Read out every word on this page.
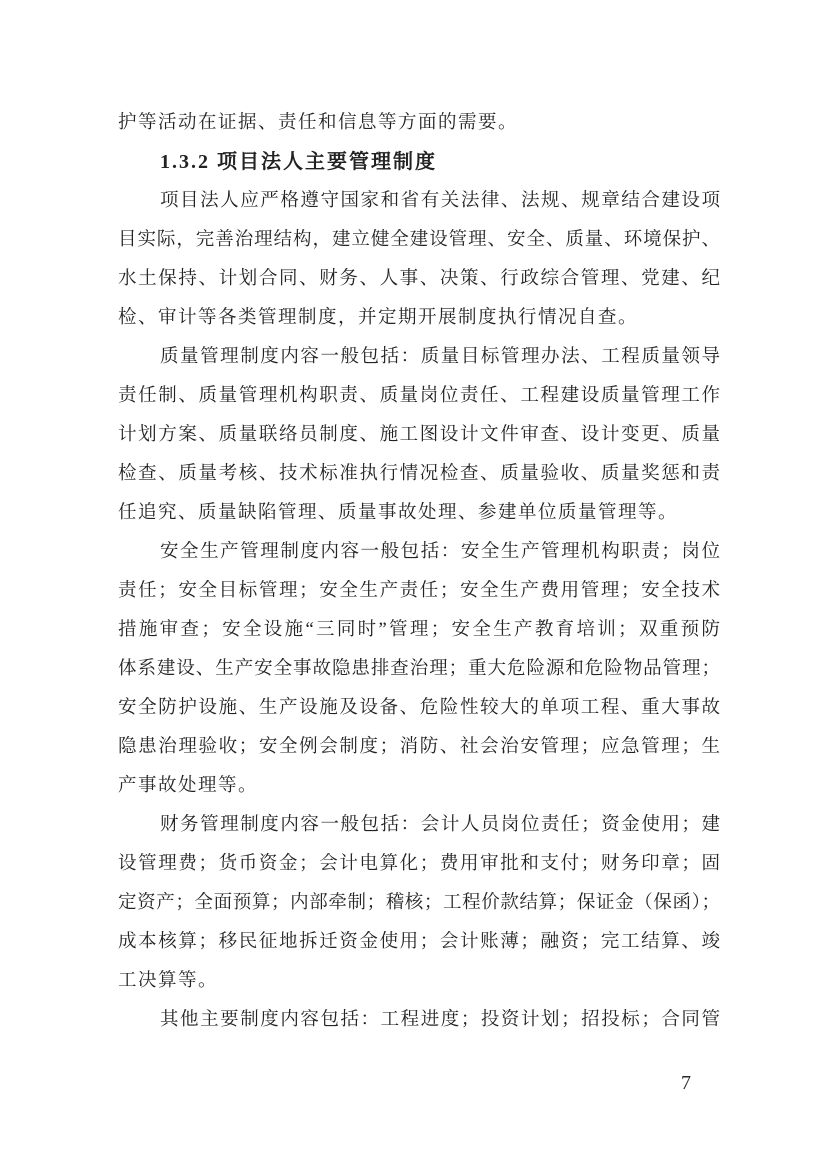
护等活动在证据、责任和信息等方面的需要。
1.3.2 项目法人主要管理制度
项目法人应严格遵守国家和省有关法律、法规、规章结合建设项
目实际，完善治理结构，建立健全建设管理、安全、质量、环境保护、
水土保持、计划合同、财务、人事、决策、行政综合管理、党建、纪
检、审计等各类管理制度，并定期开展制度执行情况自查。
质量管理制度内容一般包括：质量目标管理办法、工程质量领导
责任制、质量管理机构职责、质量岗位责任、工程建设质量管理工作
计划方案、质量联络员制度、施工图设计文件审查、设计变更、质量
检查、质量考核、技术标准执行情况检查、质量验收、质量奖惩和责
任追究、质量缺陷管理、质量事故处理、参建单位质量管理等。
安全生产管理制度内容一般包括：安全生产管理机构职责；岗位
责任；安全目标管理；安全生产责任；安全生产费用管理；安全技术
措施审查；安全设施“三同时”管理；安全生产教育培训；双重预防
体系建设、生产安全事故隐患排查治理；重大危险源和危险物品管理；
安全防护设施、生产设施及设备、危险性较大的单项工程、重大事故
隐患治理验收；安全例会制度；消防、社会治安管理；应急管理；生
产事故处理等。
财务管理制度内容一般包括：会计人员岗位责任；资金使用；建
设管理费；货币资金；会计电算化；费用审批和支付；财务印章；固
定资产；全面预算；内部牵制；稽核；工程价款结算；保证金（保函）；
成本核算；移民征地拆迁资金使用；会计账薄；融资；完工结算、竣
工决算等。
其他主要制度内容包括：工程进度；投资计划；招投标；合同管
7
